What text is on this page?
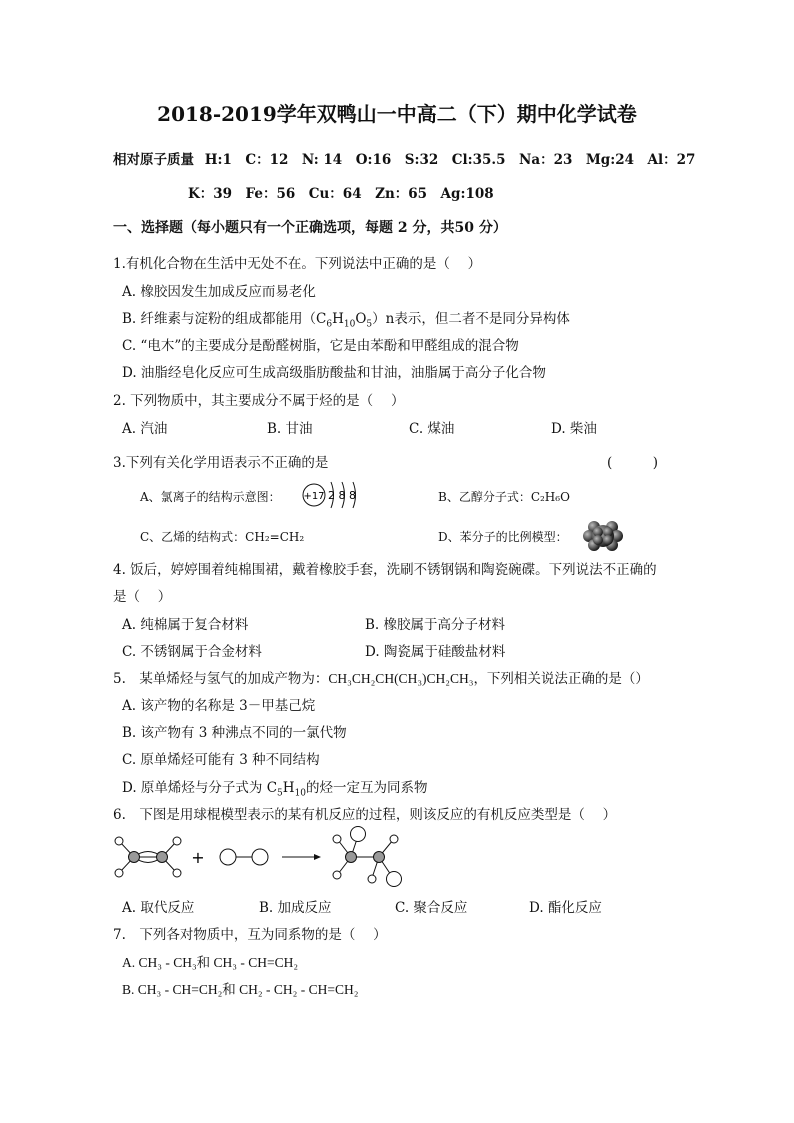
2018-2019学年双鸭山一中高二（下）期中化学试卷
相对原子质量 H:1　C：12　N: 14　O:16　S:32　Cl:35.5　Na：23　Mg:24　Al：27
K：39　Fe：56　Cu：64　Zn：65　Ag:108
一、选择题（每小题只有一个正确选项，每题 2 分，共50 分）
1.有机化合物在生活中无处不在。下列说法中正确的是（　 ）
A. 橡胶因发生加成反应而易老化
B. 纤维素与淀粉的组成都能用$(C_6H_{10}O_5)n$表示，但二者不是同分异构体
C. “电木”的主要成分是酚醛树脂，它是由苯酚和甲醛组成的混合物
D. 油脂经皂化反应可生成高级脂肪酸盐和甘油，油脂属于高分子化合物
2. 下列物质中，其主要成分不属于烃的是（　 ）
A. 汽油	B. 甘油	C. 煤油	D. 柴油
3.下列有关化学用语表示不正确的是	(　　　)
A、氯离子的结构示意图： +17 2 8 8	B、乙醇分子式：C₂H₆O
C、乙烯的结构式：CH₂=CH₂	D、苯分子的比例模型：
4. 饭后，婷婷围着纯棉围裙，戴着橡胶手套，洗刷不锈钢锅和陶瓷碗碟。下列说法不正确的
是（　 ）
A. 纯棉属于复合材料	B. 橡胶属于高分子材料
C. 不锈钢属于合金材料	D. 陶瓷属于硅酸盐材料
5.　某单烯烃与氢气的加成产物为：CH₃CH₂CH(CH₃)CH₂CH₃，下列相关说法正确的是（）
A. 该产物的名称是 3－甲基己烷
B. 该产物有 3 种沸点不同的一氯代物
C. 原单烯烃可能有 3 种不同结构
D. 原单烯烃与分子式为 $C_5H_{10}$的烃一定互为同系物
6.　下图是用球棍模型表示的某有机反应的过程，则该反应的有机反应类型是（　 ）
+
A. 取代反应	B. 加成反应	C. 聚合反应	D. 酯化反应
7.　下列各对物质中，互为同系物的是（　 ）
A. CH₃ - CH₃和 CH₃ - CH=CH₂
B. CH₃ - CH=CH₂和 CH₂ - CH₂ - CH=CH₂
